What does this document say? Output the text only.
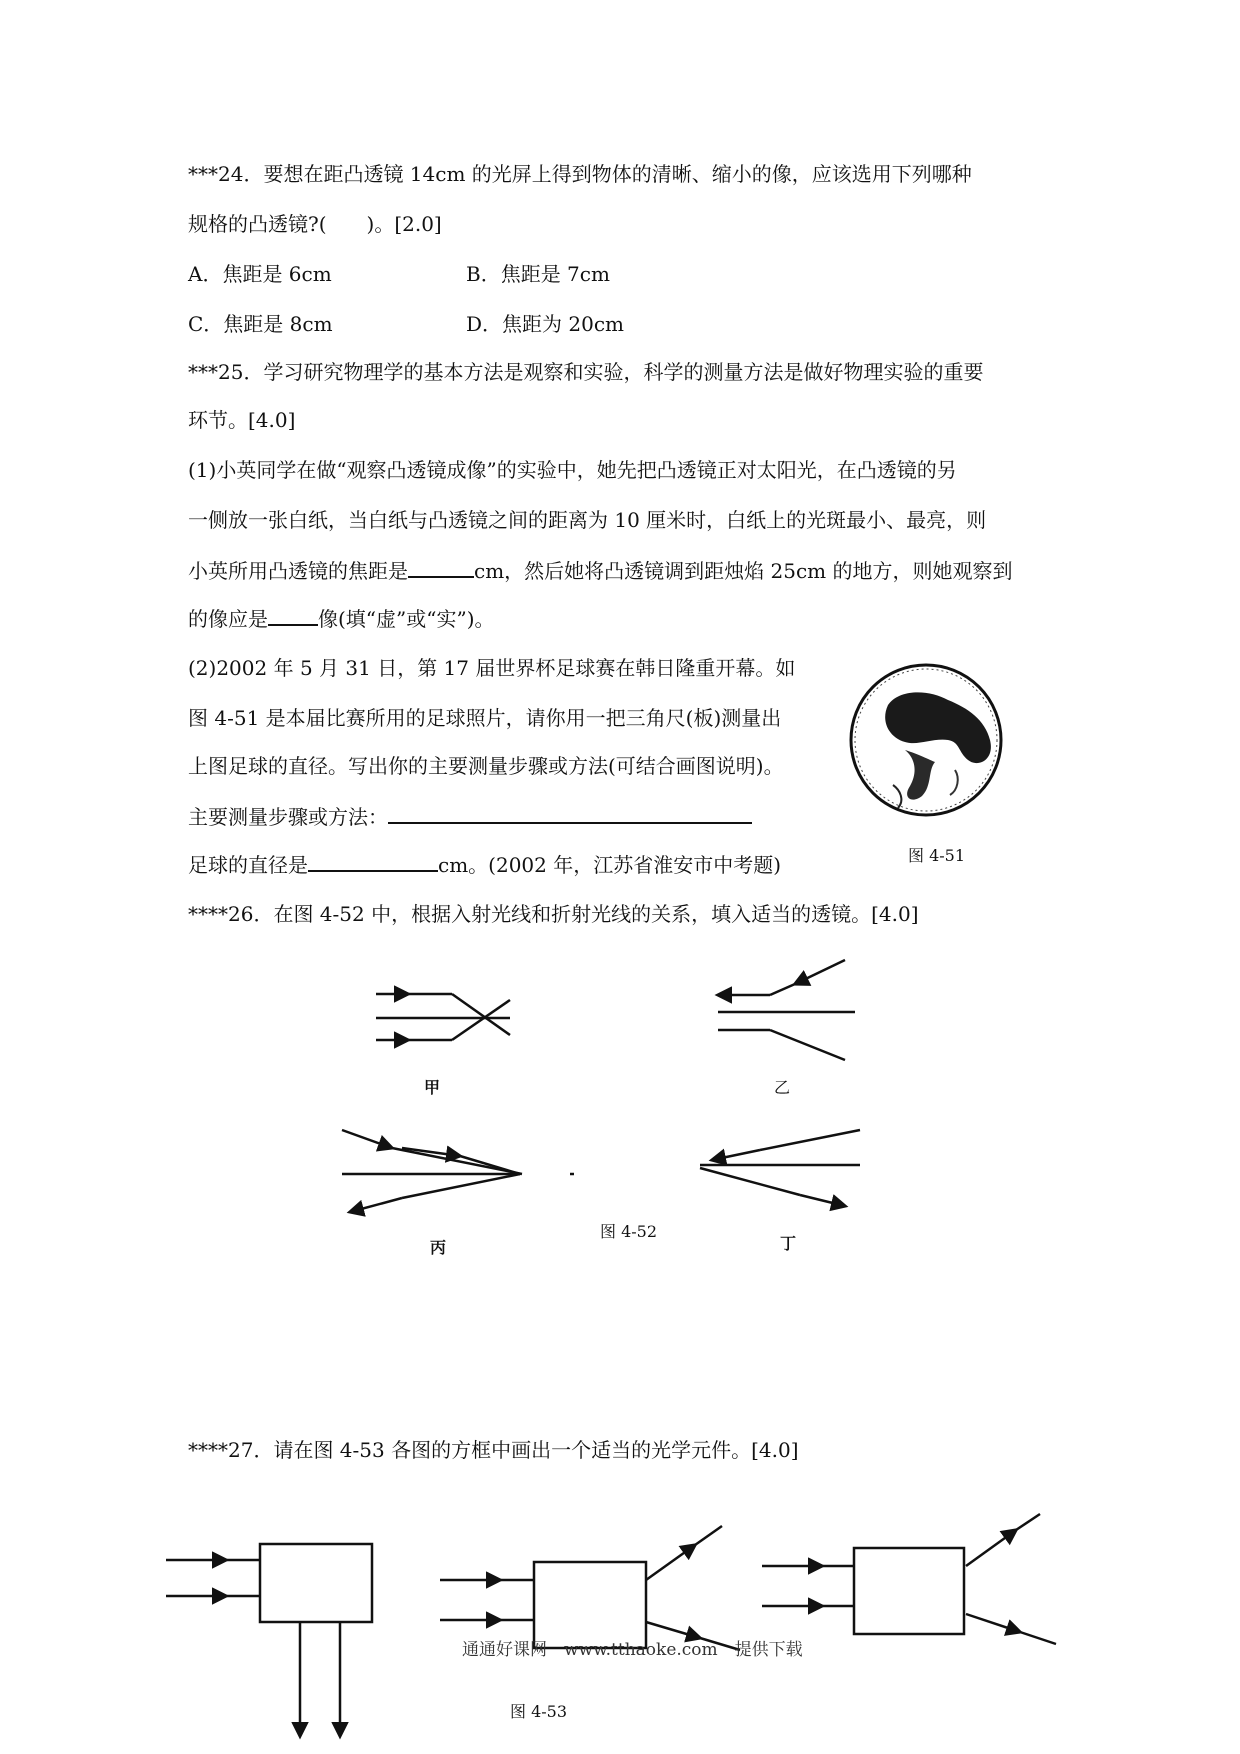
***24．要想在距凸透镜 14cm 的光屏上得到物体的清晰、缩小的像，应该选用下列哪种
规格的凸透镜?(　　)。[2.0]
A．焦距是 6cm	B．焦距是 7cm
C．焦距是 8cm	D．焦距为 20cm
***25．学习研究物理学的基本方法是观察和实验，科学的测量方法是做好物理实验的重要
环节。[4.0]
(1)小英同学在做“观察凸透镜成像”的实验中，她先把凸透镜正对太阳光，在凸透镜的另
一侧放一张白纸，当白纸与凸透镜之间的距离为 10 厘米时，白纸上的光斑最小、最亮，则
小英所用凸透镜的焦距是	cm，然后她将凸透镜调到距烛焰 25cm 的地方，则她观察到
的像应是	像(填“虚”或“实”)。
(2)2002 年 5 月 31 日，第 17 届世界杯足球赛在韩日隆重开幕。如
图 4-51 是本届比赛所用的足球照片，请你用一把三角尺(板)测量出
上图足球的直径。写出你的主要测量步骤或方法(可结合画图说明)。
主要测量步骤或方法：
足球的直径是	cm。(2002 年，江苏省淮安市中考题)	图 4-51
****26．在图 4-52 中，根据入射光线和折射光线的关系，填入适当的透镜。[4.0]
甲	乙
丙	丁
图 4-52
****27．请在图 4-53 各图的方框中画出一个适当的光学元件。[4.0]
通通好课网　www.tthaoke.com　提供下载
图 4-53
